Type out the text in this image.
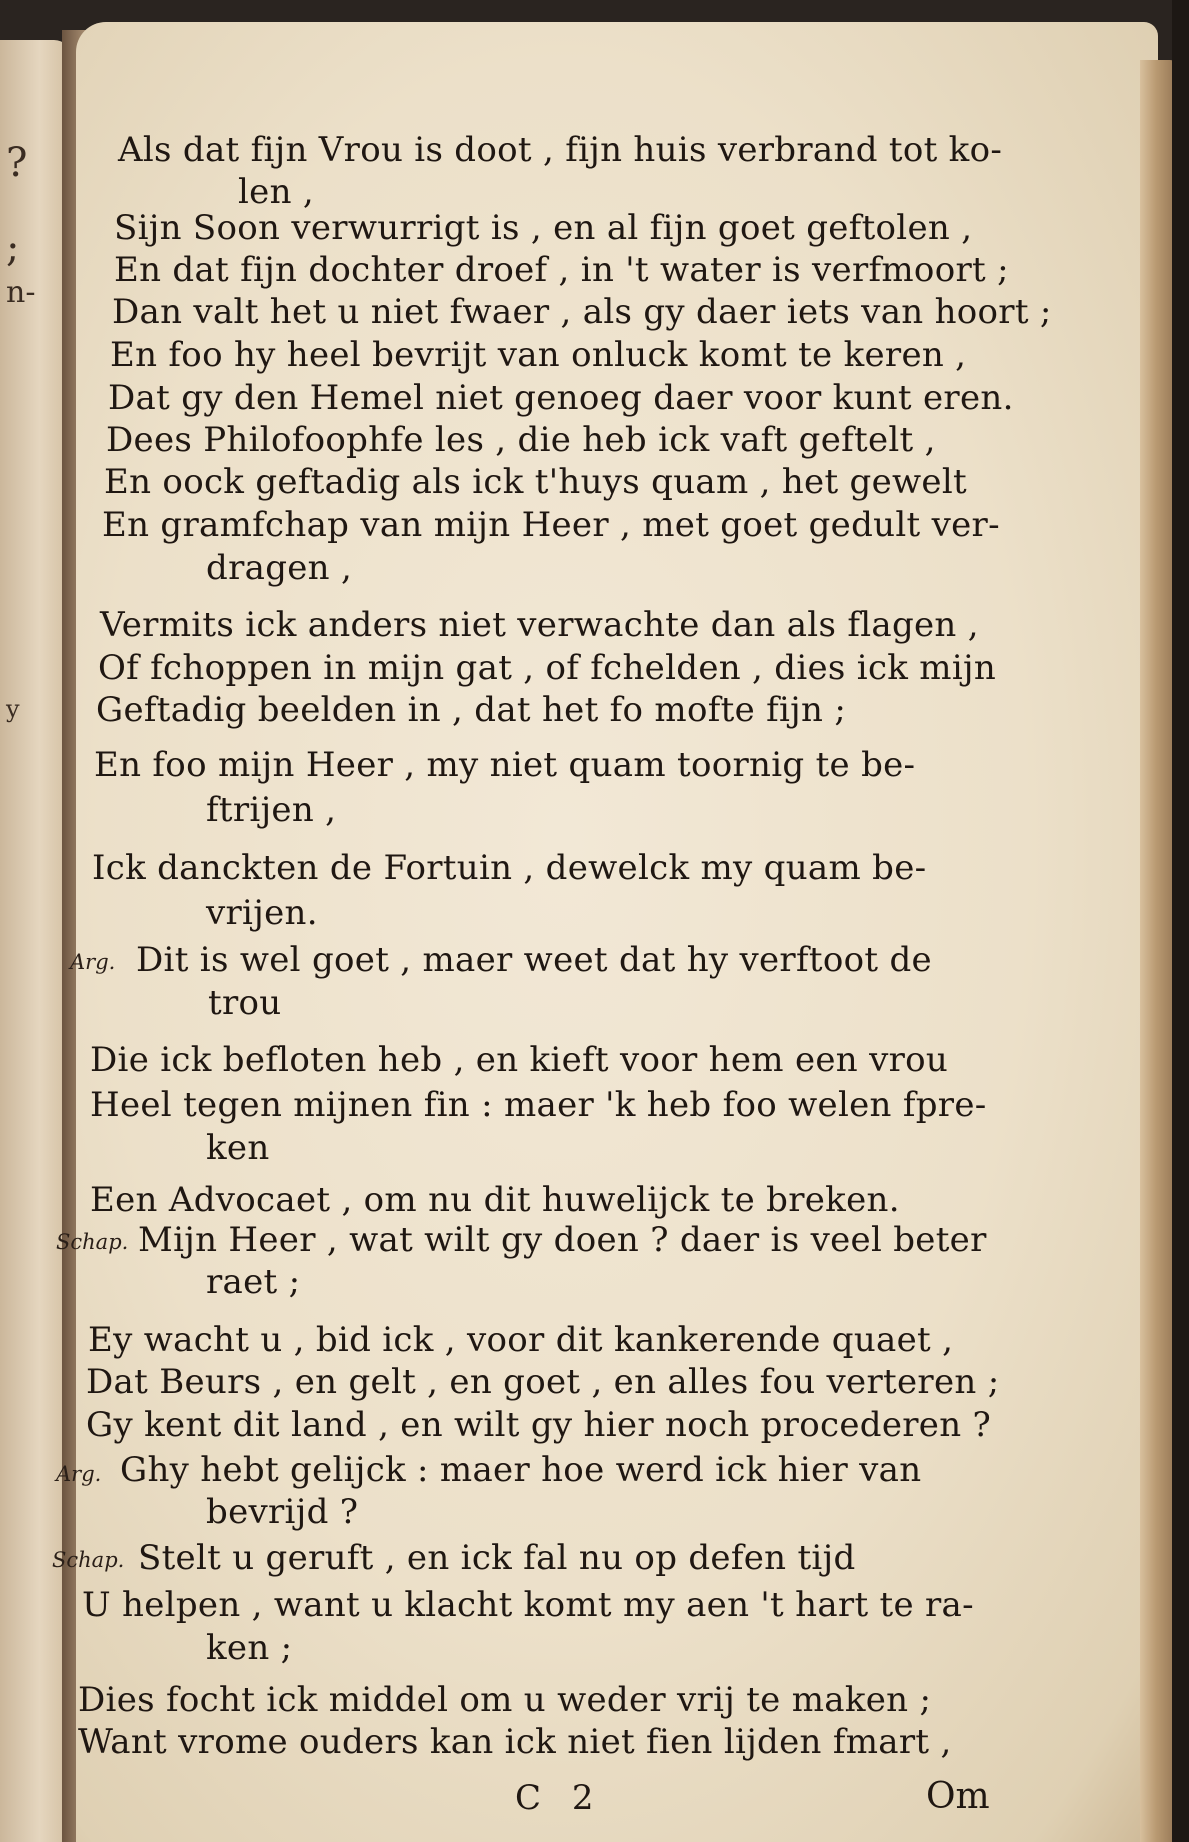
?
;
n-
y
Als dat fijn Vrou is doot , fijn huis verbrand tot ko-
len ,
Sijn Soon verwurrigt is , en al fijn goet geftolen ,
En dat fijn dochter droef , in 't water is verfmoort ;
Dan valt het u niet fwaer , als gy daer iets van hoort ;
En foo hy heel bevrijt van onluck komt te keren ,
Dat gy den Hemel niet genoeg daer voor kunt eren.
Dees Philofoophfe les , die heb ick vaft geftelt ,
En oock geftadig als ick t'huys quam , het gewelt
En gramfchap van mijn Heer , met goet gedult ver-
dragen ,
Vermits ick anders niet verwachte dan als flagen ,
Of fchoppen in mijn gat , of fchelden , dies ick mijn
Geftadig beelden in , dat het fo mofte fijn ;
En foo mijn Heer , my niet quam toornig te be-
ftrijen ,
Ick danckten de Fortuin , dewelck my quam be-
vrijen.
Arg. Dit is wel goet , maer weet dat hy verftoot de
trou
Die ick befloten heb , en kieft voor hem een vrou
Heel tegen mijnen fin : maer 'k heb foo welen fpre-
ken
Een Advocaet , om nu dit huwelijck te breken.
Schap. Mijn Heer , wat wilt gy doen ? daer is veel beter
raet ;
Ey wacht u , bid ick , voor dit kankerende quaet ,
Dat Beurs , en gelt , en goet , en alles fou verteren ;
Gy kent dit land , en wilt gy hier noch procederen ?
Arg. Ghy hebt gelijck : maer hoe werd ick hier van
bevrijd ?
Schap. Stelt u geruft , en ick fal nu op defen tijd
U helpen , want u klacht komt my aen 't hart te ra-
ken ;
Dies focht ick middel om u weder vrij te maken ;
Want vrome ouders kan ick niet fien lijden fmart ,
C 2	Om
